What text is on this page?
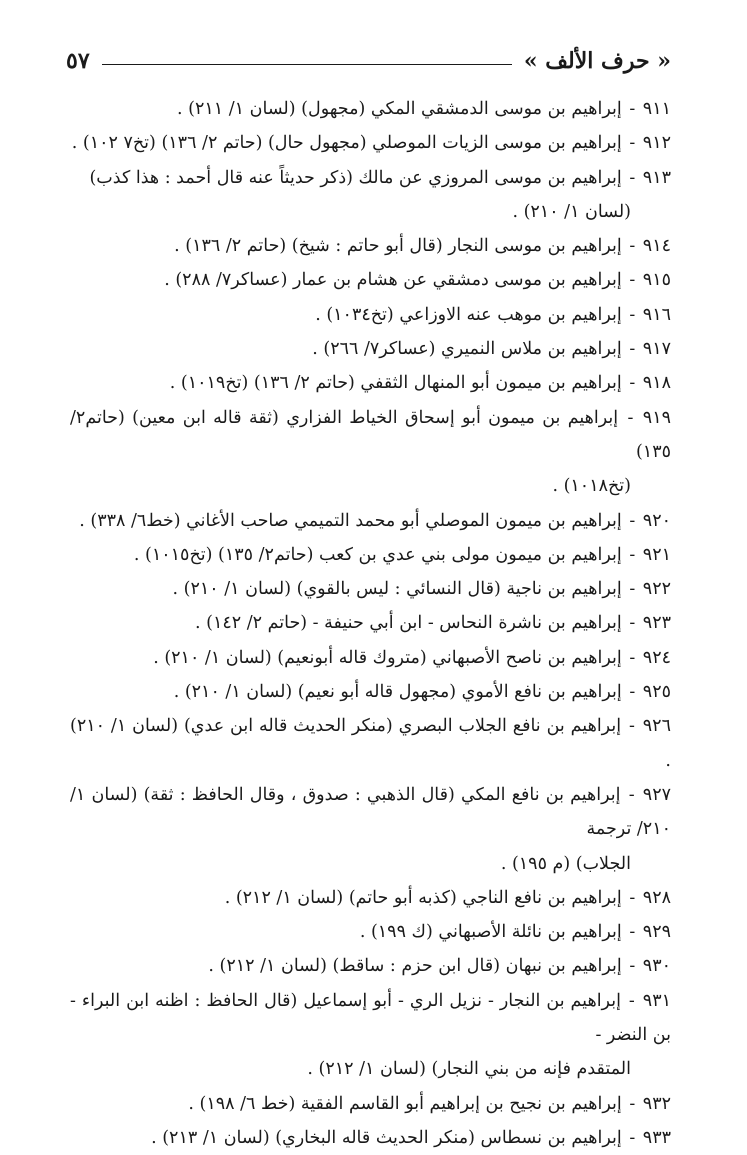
« حرف الألف »
٥٧
٩١١ - إبراهيم بن موسى الدمشقي المكي (مجهول) (لسان ١/ ٢١١) .
٩١٢ - إبراهيم بن موسى الزيات الموصلي (مجهول حال) (حاتم ٢/ ١٣٦) (تخ٧ ١٠٢) .
٩١٣ - إبراهيم بن موسى المروزي عن مالك (ذكر حديثاً عنه قال أحمد : هذا كذب)
(لسان ١/ ٢١٠) .
٩١٤ - إبراهيم بن موسى النجار (قال أبو حاتم : شيخ) (حاتم ٢/ ١٣٦) .
٩١٥ - إبراهيم بن موسى دمشقي عن هشام بن عمار (عساكر٧/ ٢٨٨) .
٩١٦ - إبراهيم بن موهب عنه الاوزاعي (تخ١٠٣٤) .
٩١٧ - إبراهيم بن ملاس النميري (عساكر٧/ ٢٦٦) .
٩١٨ - إبراهيم بن ميمون أبو المنهال الثقفي (حاتم ٢/ ١٣٦) (تخ١٠١٩) .
٩١٩ - إبراهيم بن ميمون أبو إسحاق الخياط الفزاري (ثقة قاله ابن معين) (حاتم٢/ ١٣٥)
(تخ١٠١٨) .
٩٢٠ - إبراهيم بن ميمون الموصلي أبو محمد التميمي صاحب الأغاني (خط٦/ ٣٣٨) .
٩٢١ - إبراهيم بن ميمون مولى بني عدي بن كعب (حاتم٢/ ١٣٥) (تخ١٠١٥) .
٩٢٢ - إبراهيم بن ناجية (قال النسائي : ليس بالقوي) (لسان ١/ ٢١٠) .
٩٢٣ - إبراهيم بن ناشرة النحاس - ابن أبي حنيفة - (حاتم ٢/ ١٤٢) .
٩٢٤ - إبراهيم بن ناصح الأصبهاني (متروك قاله أبونعيم) (لسان ١/ ٢١٠) .
٩٢٥ - إبراهيم بن نافع الأموي (مجهول قاله أبو نعيم) (لسان ١/ ٢١٠) .
٩٢٦ - إبراهيم بن نافع الجلاب البصري (منكر الحديث قاله ابن عدي) (لسان ١/ ٢١٠) .
٩٢٧ - إبراهيم بن نافع المكي (قال الذهبي : صدوق ، وقال الحافظ : ثقة) (لسان ١/ ٢١٠/ ترجمة
الجلاب) (م ١٩٥) .
٩٢٨ - إبراهيم بن نافع الناجي (كذبه أبو حاتم) (لسان ١/ ٢١٢) .
٩٢٩ - إبراهيم بن نائلة الأصبهاني (ك ١٩٩) .
٩٣٠ - إبراهيم بن نبهان (قال ابن حزم : ساقط) (لسان ١/ ٢١٢) .
٩٣١ - إبراهيم بن النجار - نزيل الري - أبو إسماعيل (قال الحافظ : اظنه ابن البراء - بن النضر -
المتقدم فإنه من بني النجار) (لسان ١/ ٢١٢) .
٩٣٢ - إبراهيم بن نجيح بن إبراهيم أبو القاسم الفقية (خط ٦/ ١٩٨) .
٩٣٣ - إبراهيم بن نسطاس (منكر الحديث قاله البخاري) (لسان ١/ ٢١٣) .
